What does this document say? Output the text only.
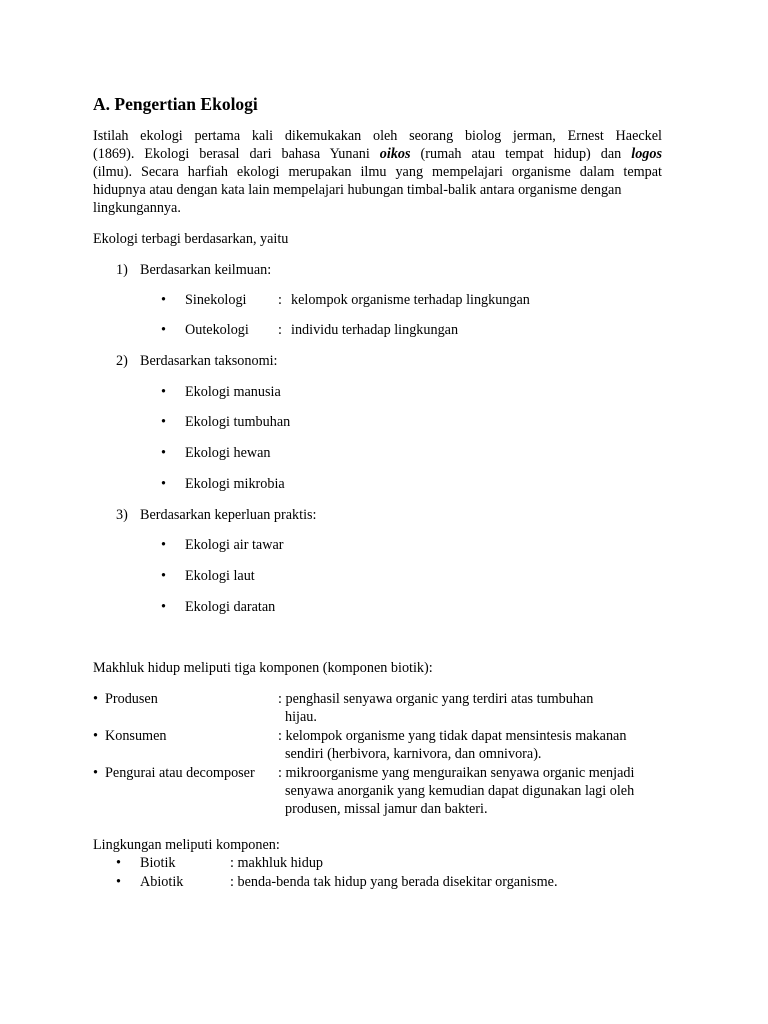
A. Pengertian Ekologi
Istilah ekologi pertama kali dikemukakan oleh seorang biolog jerman, Ernest Haeckel
(1869). Ekologi berasal dari bahasa Yunani oikos (rumah atau tempat hidup) dan logos
(ilmu). Secara harfiah ekologi merupakan ilmu yang mempelajari organisme dalam tempat
hidupnya atau dengan kata lain mempelajari hubungan timbal-balik antara organisme dengan
lingkungannya.
Ekologi terbagi berdasarkan, yaitu
1) Berdasarkan keilmuan:
• Sinekologi : kelompok organisme terhadap lingkungan
• Outekologi : individu terhadap lingkungan
2) Berdasarkan taksonomi:
• Ekologi manusia
• Ekologi tumbuhan
• Ekologi hewan
• Ekologi mikrobia
3) Berdasarkan keperluan praktis:
• Ekologi air tawar
• Ekologi laut
• Ekologi daratan
Makhluk hidup meliputi tiga komponen (komponen biotik):
• Produsen	: penghasil senyawa organic yang terdiri atas tumbuhan
hijau.
• Konsumen	: kelompok organisme yang tidak dapat mensintesis makanan
sendiri (herbivora, karnivora, dan omnivora).
• Pengurai atau decomposer : mikroorganisme yang menguraikan senyawa organic menjadi
senyawa anorganik yang kemudian dapat digunakan lagi oleh
produsen, missal jamur dan bakteri.
Lingkungan meliputi komponen:
• Biotik	: makhluk hidup
• Abiotik	: benda-benda tak hidup yang berada disekitar organisme.
